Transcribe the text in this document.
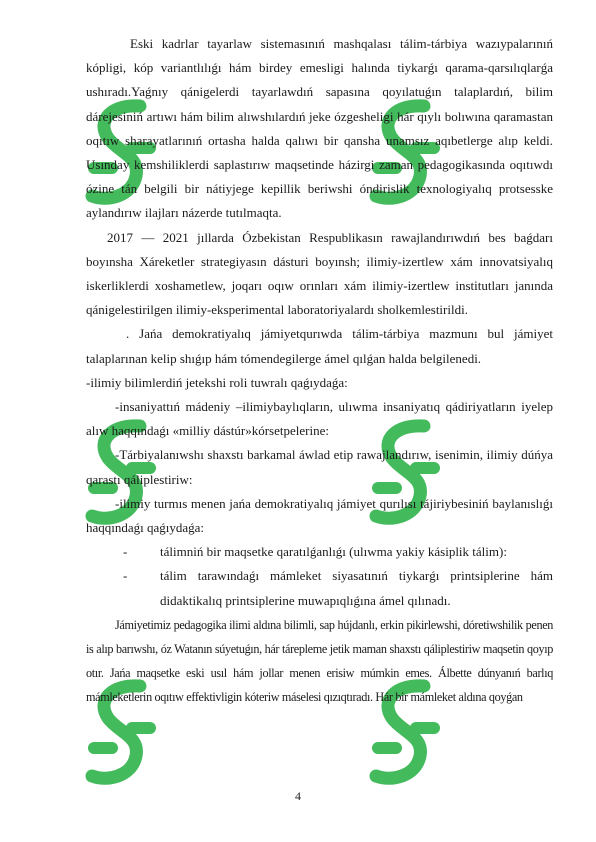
Eski kadrlar tayarlaw sistemasınıń mashqalası tálim-tárbiya wazıypalarınıń kópligi, kóp variantlılıǵı hám birdey emesligi halında tiykarǵı qarama-qarsılıqlarǵa ushıradı.Yaǵnıy qánigelerdi tayarlawdıń sapasına qoyılatuǵın talaplardıń, bilim dárejesiniń artıwı hám bilim alıwshılardıń jeke ózgesheligi hár qıylı bolıwına qaramastan oqıtıw sharayatlarınıń ortasha halda qalıwı bir qansha unamsız aqıbetlerge alıp keldi. Usınday kemshiliklerdi saplastırıw maqsetinde házirgi zaman pedagogikasında oqıtıwdı ózine tán belgili bir nátiyjege kepillik beriwshi óndirislik texnologiyalıq protsesske aylandırıw ilajları názerde tutılmaqta.

2017 — 2021 jıllarda Ózbekistan Respublikasın rawajlandırıwdıń bes baǵdarı boyınsha Xáreketler strategiyasın dásturi boyınsh; ilimiy-izertlew xám innovatsiyalıq iskerliklerdi xoshametlew, joqarı oqıw orınları xám ilimiy-izertlew institutları janında qánigelestirilgen ilimiy-eksperimental laboratoriyalardı sholkemlestirildi.

. Jańa demokratiyalıq jámiyetqurıwda tálim-tárbiya mazmunı bul jámiyet talaplarınan kelip shıǵıp hám tómendegilerge ámel qılǵan halda belgilenedi.

-ilimiy bilimlerdiń jetekshi roli tuwralı qaǵıydaǵa:

-insaniyattıń mádeniy –ilimiybaylıqların, ulıwma insaniyatıq qádiriyatların iyelep alıw haqqındaǵı «milliy dástúr»kórsetpelerine:

-Tárbiyalanıwshı shaxstı barkamal áwlad etip rawajlandırıw, isenimin, ilimiy dúńya qarastı qáliplestiriw:

-ilimiy turmıs menen jańa demokratiyalıq jámiyet qurılısı tájiriybesiniń baylanıslıǵı haqqındaǵı qaǵıydaǵa:

-	tálimniń bir maqsetke qaratılǵanlıǵı (ulıwma yakiy kásiplik tálim):
-	tálim tarawındaǵı mámleket siyasatınıń tiykarǵı printsiplerine hám didaktikalıq printsiplerine muwapıqlıǵına ámel qılınadı.

Jámiyetimiz pedagogika ilimi aldına bilimli, sap hújdanlı, erkin pikirlewshi, dóretiwshilik penen is alıp barıwshı, óz Watanın súyetuǵın, hár tárepleme jetik maman shaxstı qáliplestiriw maqsetin qoyıp otır. Jańa maqsetke eski usıl hám jollar menen erisiw múmkin emes. Álbette dúnyanıń barlıq mámleketlerin oqıtıw effektivligin kóteriw máselesi qızıqtıradı. Hár bir mámleket aldına qoyǵan

4
